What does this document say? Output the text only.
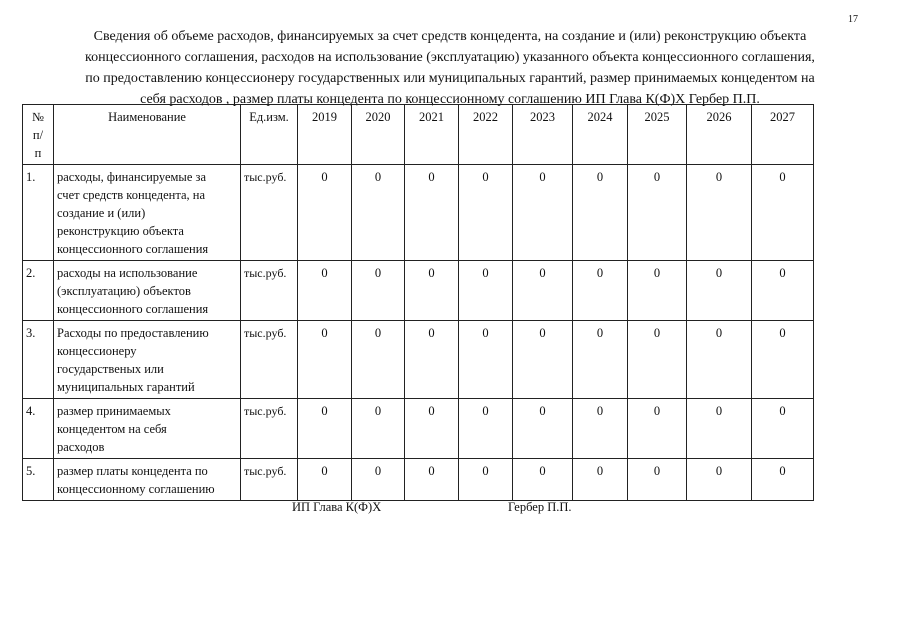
17
Сведения об объеме расходов, финансируемых за счет средств концедента, на создание и (или) реконструкцию объекта
концессионного соглашения, расходов на использование (эксплуатацию) указанного объекта концессионного соглашения,
по предоставлению концессионеру государственных или муниципальных гарантий, размер принимаемых концедентом на
себя расходов , размер платы концедента по концессионному соглашению ИП Глава К(Ф)Х Гербер П.П.
№
п/
п	Наименование	Ед.изм.	2019	2020	2021	2022	2023	2024	2025	2026	2027
1.	расходы, финансируемые за
счет средств концедента, на
создание и (или)
реконструкцию объекта
концессионного соглашения	тыс.руб.	0	0	0	0	0	0	0	0	0
2.	расходы на использование
(эксплуатацию) объектов
концессионного соглашения	тыс.руб.	0	0	0	0	0	0	0	0	0
3.	Расходы по предоставлению
концессионеру
государственых или
муниципальных гарантий	тыс.руб.	0	0	0	0	0	0	0	0	0
4.	размер принимаемых
концедентом на себя
расходов	тыс.руб.	0	0	0	0	0	0	0	0	0
5.	размер платы концедента по
концессионному соглашению	тыс.руб.	0	0	0	0	0	0	0	0	0
ИП Глава К(Ф)Х	Гербер П.П.
